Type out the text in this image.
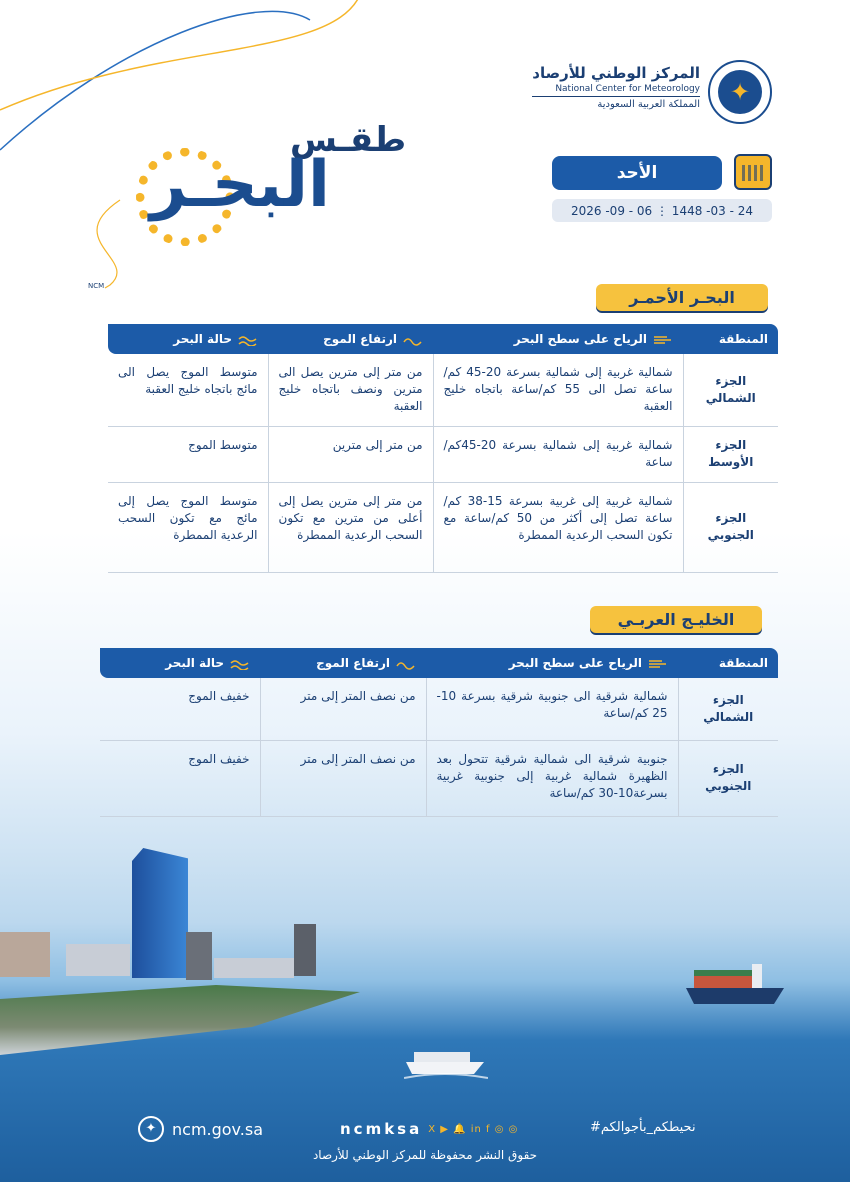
✦
المركز الوطني للأرصاد
National Center for Meteorology
المملكة العربية السعودية
الأحد
2026 -09 - 06 ⋮ 1448 -03 - 24
طقـس
البحـر
NCM
البحـر الأحمـر
المنطقة	الرياح على سطح البحر	ارتفاع الموج	حالة البحر
الجزء الشمالي	شمالية غربية إلى شمالية بسرعة 20-45 كم/ساعة تصل الى 55 كم/ساعة باتجاه خليج العقبة	من متر إلى مترين يصل الى مترين ونصف باتجاه خليج العقبة	متوسط الموج يصل الى مائج باتجاه خليج العقبة
الجزء الأوسط	شمالية غربية إلى شمالية بسرعة 20-45كم/ساعة	من متر إلى مترين	متوسط الموج
الجزء الجنوبي	شمالية غربية إلى غربية بسرعة 15-38 كم/ساعة تصل إلى أكثر من 50 كم/ساعة مع تكون السحب الرعدية الممطرة	من متر إلى مترين يصل إلى أعلى من مترين مع تكون السحب الرعدية الممطرة	متوسط الموج يصل إلى مائج مع تكون السحب الرعدية الممطرة
الخليـج العربـي
المنطقة	الرياح على سطح البحر	ارتفاع الموج	حالة البحر
الجزء الشمالي	شمالية شرقية الى جنوبية شرقية بسرعة 10-25 كم/ساعة	من نصف المتر إلى متر	خفيف الموج
الجزء الجنوبي	جنوبية شرقية الى شمالية شرقية تتحول بعد الظهيرة شمالية غربية إلى جنوبية غربية بسرعة10-30 كم/ساعة	من نصف المتر إلى متر	خفيف الموج
✦ ncm.gov.sa	ncmksa X ▶ 🔔 in f ◎ ◎	#نحيطكم_بأجوالكم
حقوق النشر محفوظة للمركز الوطني للأرصاد
